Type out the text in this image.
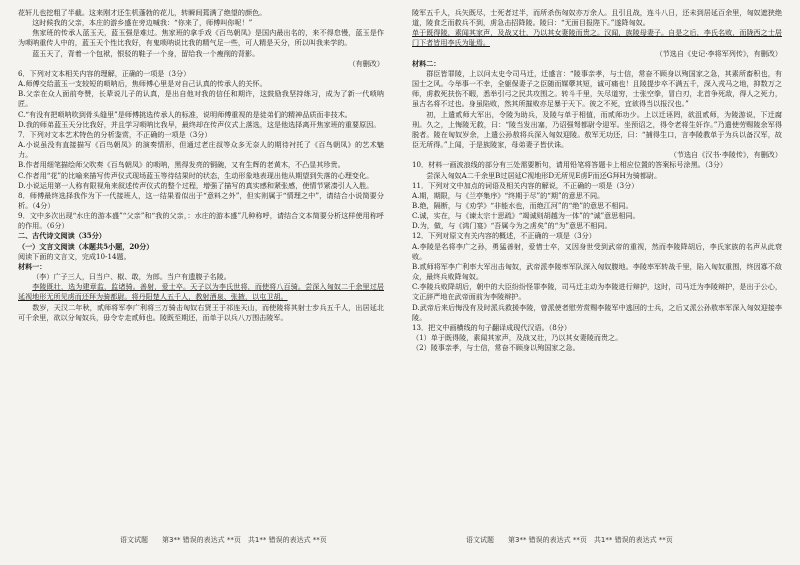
花轩儿也挖粗了半截。这来刚才还生机蓬勃的花儿，转瞬间蔫满了绝望的颜色。

这时候我的父亲，本庄的游乡盛在旁边喊我：“你来了，师傅叫你呢！”

焦家班的传承人蓝玉天，蓝玉强是难过。焦家班的拿手戏《百鸟朝凤》是国内最出名的，来不得怠慢，蓝玉是作为唢呐重传人中的，蓝玉天个性比我好，有鬼唢呐说比我的精气足一些，可人精是天分，所以叫我来学的。

蓝玉天了，背着一个包袱，银驳的鞋子一个身，留给我一个瘦削的背影。

（有删改）

6．下列对文本相关内容的理解，正确的一项是（3分）

A.师傅交给蓝玉一支较短的唢呐后，焦师傅心里是对自己认真的传承人的关怀。

B.父亲在众人面前夸赞，长辈说儿子的认真，是出自他对我的信任和期许，这鼓励我坚持练习，成为了新一代唢呐匠。

C.“有没有把唢呐吹到骨头缝里”是师傅挑选传承人的标准，说明师傅重视的是徒弟们的精神品质而非技术。

D.我的师弟蓝玉天分比我好，并且学习唢呐比我早，最终却在传声仪式上落选，这是他选择离开焦家班的重要原因。

7．下列对文本艺术特色的分析鉴赏，不正确的一项是（3分）

A.小说虽没有直接描写《百鸟朝凤》的演奏情形，但通过老庄叔等众多无奈人的期待衬托了《百鸟朝凤》的艺术魅力。

B.作者用细笔描绘师父吹奏《百鸟朝凤》的唢呐，黑得发亮的铜碗，又有生辉的老黄木，不凸显其珍贵。

C.作者用“花”的比喻来描写传声仪式现场蓝玉等待结果时的状态，生动形象地表现出他从期望到失落的心理变化。

D.小说运用第一人称有限视角来叙述传声仪式的整个过程，增强了描写的真实感和紧张感，使情节紧凑引人入胜。

8．师傅最终选择我作为下一代接班人，这一结果看似出于“意料之外”，但实则属于“情理之中”，请结合小说简要分析。（4分）

9．文中多次出现“水庄的游本盛”“父亲”和“我的父亲，：水庄的游本盛”几种称呼，请结合文本简要分析这样使用称呼的作用。（6分）

二、古代诗文阅读（35分）

（一）文言文阅读（本题共5小题，20分）

阅读下面的文言文，完成10-14题。

材料一：

（李）广子三人，曰当户、椒、敢，为郎。当户有遗腹子名陵。

李陵既壮，选为建章监，监诸骑。善射，爱士卒。天子以为李氏世将，而使将八百骑。尝深入匈奴二千余里过居延视地形无所见虏而还拜为骑都尉。将丹阳楚人五千人，教射酒泉、张掖，以屯卫胡。

数岁，天汉二年秋，贰师将军李广利将三万骑击匈奴右贤王于祁连天山，而使陵将其射士步兵五千人，出居延北可千余里，欲以分匈奴兵，毋令专走贰师也。陵既至期还，而单于以兵八万围击陵军。

陵军五千人，兵矢既尽，士死者过半，而所杀伤匈奴亦万余人。且引且战，连斗八日，还未到居延百余里，匈奴遮狭绝道，陵食乏而救兵不到，虏急击招降陵。陵曰：“无面目报陛下。”遂降匈奴。

单于既得陵，素闻其家声，及战又壮，乃以其女妻陵而贵之。汉闻，族陵母妻子。自是之后，李氏名败，而陇西之士居门下者皆用李氏为耻焉。

（节选自《史记·李将军列传》，有删改）

材料二：

群臣皆罪陵，上以问太史令司马迁，迁盛言：“陵事亲孝，与士信，常奋不顾身以殉国家之急，其素所畜积也，有国士之风。今举事一不幸，全躯保妻子之臣随而媒孽其短，诚可痛也！且陵提步卒不满五千，深入戎马之地，抑数万之师，虏救死扶伤不暇，悉举引弓之民共攻围之。转斗千里，矢尽道穷，士张空拳，冒白刃，北首争死敌，得人之死力，虽古名将不过也。身虽陷败，然其所摧败亦足暴于天下。彼之不死，宜欲得当以报汉也。”

初，上遣贰师大军出，令陵为助兵，及陵与单于相值，而贰师功少。上以迁诬罔，欲沮贰师，为陵游说，下迁腐刑。久之，上悔陵无救，曰：“陵当发出塞，乃诏强弩都尉令迎军。坐预诏之，得令老将生奸诈。”乃遣使劳赐陵余军得脱者。陵在匈奴岁余，上遣公孙敖将兵深入匈奴迎陵。敖军无功还，曰：“捕得生口，言李陵教单于为兵以备汉军，故臣无所得。”上闻，于是族陵家，母弟妻子皆伏诛。

（节选自《汉书·李陵传》，有删改）

10．材料一画波浪线的部分有三处需要断句，请用铅笔将答题卡上相应位置的答案标号涂黑。（3分）

尝深入匈奴A二千余里B过居延C视地形D无所见E虏F而还G拜H为骑都尉。

11．下列对文中加点的词语及相关内容的解说，不正确的一项是（3分）

A.期，期限，与《兰亭集序》“终期于尽”的“期”的意思不同。

B.绝，隔断，与《劝学》“非能水也，而绝江河”的“绝”的意思不相同。

C.诚，实在，与《谏太宗十思疏》“竭诚则胡越为一体”的“诚”意思相同。

D.为，做，与《鸿门宴》“吾属今为之虏矣”的“为”意思不相同。

12．下列对原文有关内容的概述，不正确的一项是（3分）

A.李陵是名将李广之孙，勇猛善射，爱惜士卒，又因身世受到武帝的重视，然而李陵降胡后，李氏家族的名声从此衰败。

B.贰师将军李广利率大军出击匈奴，武帝派李陵率军队深入匈奴腹地。李陵率军转战千里，陷入匈奴重围，终因寡不敌众，最终兵败降匈奴。

C.李陵兵败降胡后，朝中的大臣纷纷怪罪李陵，司马迁主动为李陵进行辩护，这时，司马迁为李陵辩护，是出于公心，文正辞严地在武帝面前为李陵辩护。

D.武帝后来后悔没有及时派兵救援李陵，曾派使者慰劳赏赐李陵军中逃回的士兵，之后又派公孙敖率军深入匈奴迎接李陵。

13．把文中画横线的句子翻译成现代汉语。（8分）

（1）单于既得陵，素闻其家声，及战又壮，乃以其女妻陵而贵之。

（2）陵事亲孝，与士信，常奋不顾身以殉国家之急。

语文试题　　第3** 错误的表达式 **页　共1** 错误的表达式 **页	语文试题　　第3** 错误的表达式 **页　共1** 错误的表达式 **页
